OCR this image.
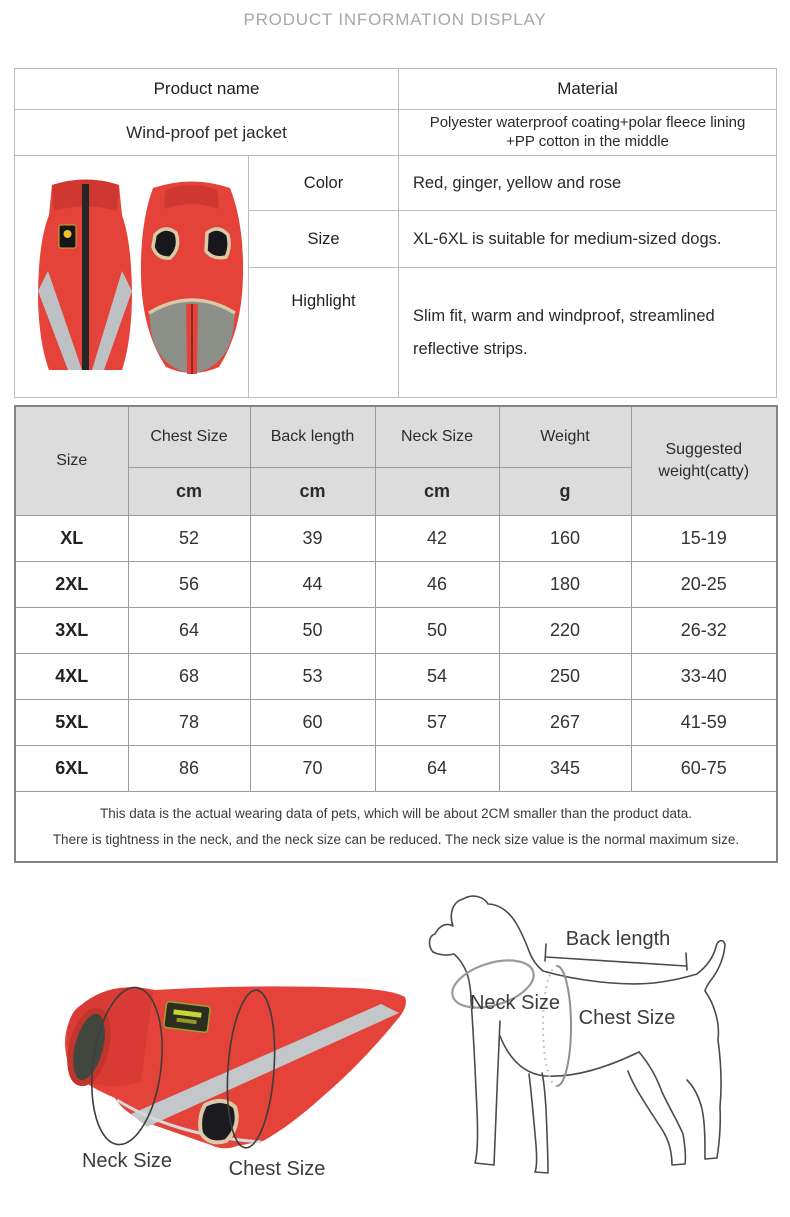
PRODUCT INFORMATION DISPLAY
Product name		Material
Wind-proof pet jacket		Polyester waterproof coating+polar fleece lining
+PP cotton in the middle

	Color	Red, ginger, yellow and rose
	Size	XL-6XL is suitable for medium-sized dogs.
	Highlight	Slim fit, warm and windproof, streamlined reflective strips.
Size	Chest Size	Back length	Neck Size	Weight	Suggested weight(catty)
	cm	cm	cm	g	
XL	52	39	42	160	15-19
2XL	56	44	46	180	20-25
3XL	64	50	50	220	26-32
4XL	68	53	54	250	33-40
5XL	78	60	57	267	41-59
6XL	86	70	64	345	60-75

This data is the actual wearing data of pets, which will be about 2CM smaller than the product data.
There is tightness in the neck, and the neck size can be reduced. The neck size value is the normal maximum size.					
Neck Size	Chest Size
Back length
Neck Size
Chest Size
